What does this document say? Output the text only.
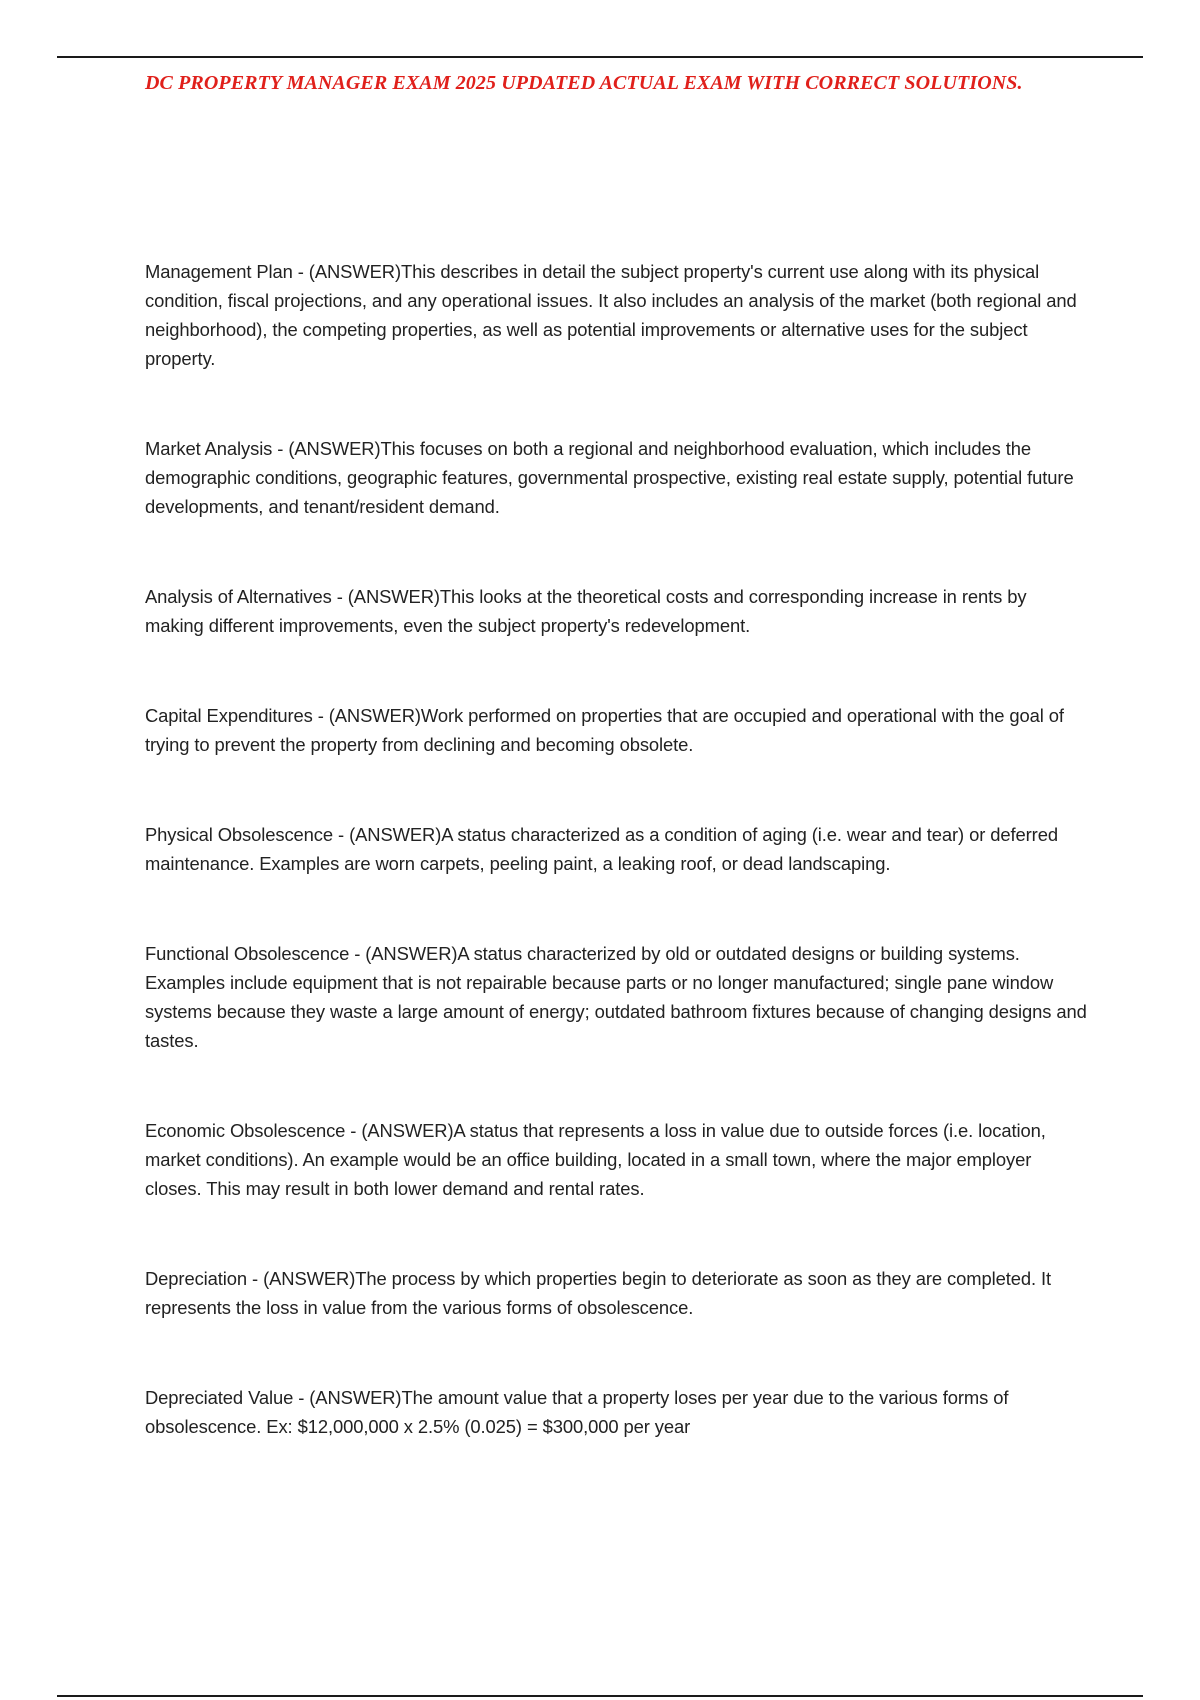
DC PROPERTY MANAGER EXAM 2025 UPDATED ACTUAL EXAM WITH CORRECT SOLUTIONS.

Management Plan - (ANSWER)This describes in detail the subject property's current use along with its physical condition, fiscal projections, and any operational issues. It also includes an analysis of the market (both regional and neighborhood), the competing properties, as well as potential improvements or alternative uses for the subject property.

Market Analysis - (ANSWER)This focuses on both a regional and neighborhood evaluation, which includes the demographic conditions, geographic features, governmental prospective, existing real estate supply, potential future developments, and tenant/resident demand.

Analysis of Alternatives - (ANSWER)This looks at the theoretical costs and corresponding increase in rents by making different improvements, even the subject property's redevelopment.

Capital Expenditures - (ANSWER)Work performed on properties that are occupied and operational with the goal of trying to prevent the property from declining and becoming obsolete.

Physical Obsolescence - (ANSWER)A status characterized as a condition of aging (i.e. wear and tear) or deferred maintenance. Examples are worn carpets, peeling paint, a leaking roof, or dead landscaping.

Functional Obsolescence - (ANSWER)A status characterized by old or outdated designs or building systems. Examples include equipment that is not repairable because parts or no longer manufactured; single pane window systems because they waste a large amount of energy; outdated bathroom fixtures because of changing designs and tastes.

Economic Obsolescence - (ANSWER)A status that represents a loss in value due to outside forces (i.e. location, market conditions). An example would be an office building, located in a small town, where the major employer closes. This may result in both lower demand and rental rates.

Depreciation - (ANSWER)The process by which properties begin to deteriorate as soon as they are completed. It represents the loss in value from the various forms of obsolescence.

Depreciated Value - (ANSWER)The amount value that a property loses per year due to the various forms of obsolescence. Ex: $12,000,000 x 2.5% (0.025) = $300,000 per year
